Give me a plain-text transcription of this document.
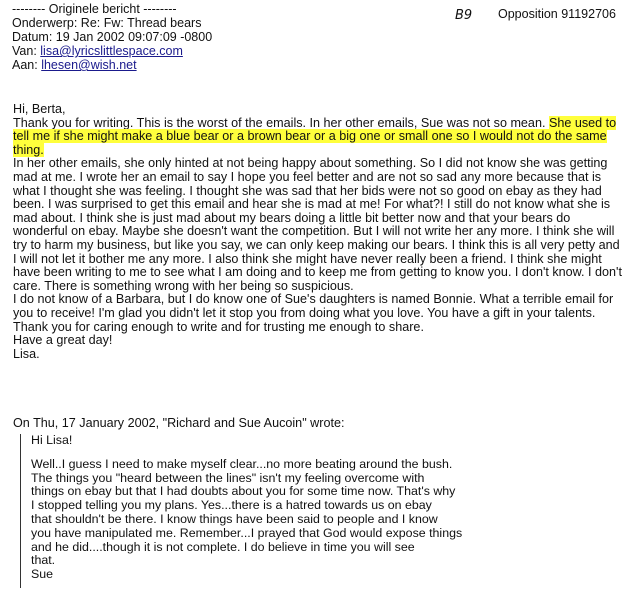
-------- Originele bericht --------
Onderwerp: Re: Fw: Thread bears
Datum: 19 Jan 2002 09:07:09 -0800
Van: lisa@lyricslittlespace.com
Aan: lhesen@wish.net
B9 Opposition 91192706

Hi, Berta,

Thank you for writing. This is the worst of the emails. In her other emails, Sue was not so mean. She used to tell me if she might make a blue bear or a brown bear or a big one or small one so I would not do the same thing.

In her other emails, she only hinted at not being happy about something. So I did not know she was getting mad at me. I wrote her an email to say I hope you feel better and are not so sad any more because that is what I thought she was feeling. I thought she was sad that her bids were not so good on ebay as they had been. I was surprised to get this email and hear she is mad at me! For what?! I still do not know what she is mad about. I think she is just mad about my bears doing a little bit better now and that your bears do wonderful on ebay. Maybe she doesn't want the competition. But I will not write her any more. I think she will try to harm my business, but like you say, we can only keep making our bears. I think this is all very petty and I will not let it bother me any more. I also think she might have never really been a friend. I think she might have been writing to me to see what I am doing and to keep me from getting to know you. I don't know. I don't care. There is something wrong with her being so suspicious.

I do not know of a Barbara, but I do know one of Sue's daughters is named Bonnie. What a terrible email for you to receive! I'm glad you didn't let it stop you from doing what you love. You have a gift in your talents.

Thank you for caring enough to write and for trusting me enough to share.

Have a great day!

Lisa.

On Thu, 17 January 2002, "Richard and Sue Aucoin" wrote:
Hi Lisa!
Well..I guess I need to make myself clear...no more beating around the bush.
The things you "heard between the lines" isn't my feeling overcome with
things on ebay but that I had doubts about you for some time now. That's why
I stopped telling you my plans. Yes...there is a hatred towards us on ebay
that shouldn't be there. I know things have been said to people and I know
you have manipulated me. Remember...I prayed that God would expose things
and he did....though it is not complete. I do believe in time you will see
that.
Sue
